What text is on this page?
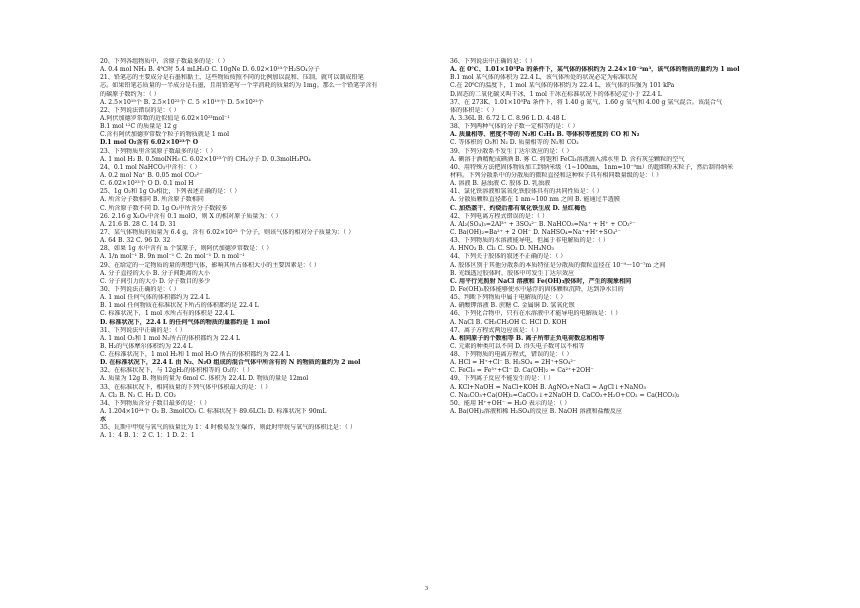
20、下列各组物质中，含原子数最多的是：（ ）
A. 0.4 mol NH₃ B. 4℃时 5.4 mLH₂O C. 10gNe D. 6.02×10²³个H₂SO₄分子
21、铅笔芯的主要成分是石墨和黏土，这些物质按照不同的比例加以混和、压制，就可以制成铅笔
芯。如果铅笔芯质量的一半成分是石墨，且用铅笔写一个字消耗的质量约为 1mg。那么一个铅笔字含有
的碳原子数约为：（ ）
A. 2.5×10¹⁹个 B. 2.5×10²²个 C. 5 ×10¹⁹个 D. 5×10²²个
22、下列说法错误的是：（ ）
A.阿伏加德罗常数的近似值是 6.02×10²³mol⁻¹
B.1 mol ¹²C 的质量是 12 g
C.含有阿伏加德罗常数个粒子的物质就是 1 mol
D.1 mol O₂含有 6.02×10²³个 O
23、下列物质里含氢原子数最多的是：（ ）
A. 1 mol H₂ B. 0.5molNH₃ C. 6.02×10²³个的 CH₄分子 D. 0.3molH₃PO₄
24、0.1 mol NaHCO₃中含有：（ ）
A. 0.2 mol Na⁺ B. 0.05 mol CO₃²⁻
C. 6.02×10²³个 O D. 0.1 mol H
25、1g O₂和 1g O₃相比，下列表述正确的是：（ ）
A. 所含分子数相同 B. 所含原子数相同
C. 所含原子数不同 D. 1g O₃中所含分子数较多
26. 2.16 g X₂O₅中含有 0.1 molO，则 X 的相对原子质量为：（ ）
A. 21.6 B. 28 C. 14 D. 31
27、某气体物质的质量为 6.4 g，含有 6.02×10²² 个分子，则该气体的相对分子质量为：（ ）
A. 64 B. 32 C. 96 D. 32
28、如果 1g 水中含有 n 个氢原子，则阿伏加德罗常数是：（ ）
A. 1/n mol⁻¹ B. 9n mol⁻¹ C. 2n mol⁻¹ D. n mol⁻¹
29、在给定的一定物质的量的理想气体，影响其所占体积大小的主要因素是：（ ）
A. 分子直径的大小 B. 分子间距离的大小
C. 分子间引力的大小 D. 分子数目的多少
30、下列说法正确的是：（ ）
A. 1 mol 任何气体的体积都约为 22.4 L
B. 1 mol 任何物质在标准状况下所占的体积都约是 22.4 L
C. 标准状况下，1 mol 水所占有的体积是 22.4 L
D. 标准状况下，22.4 L 的任何气体的物质的量都约是 1 mol
31、下列说法中正确的是：（ ）
A. 1 mol O₂和 1 mol N₂所占的体积都约为 22.4 L
B. H₂的气体摩尔体积约为 22.4 L
C. 在标准状况下，1 mol H₂和 1 mol H₂O 所占的体积都约为 22.4 L
D. 在标准状况下，22.4 L 由 N₂、N₂O 组成的混合气体中所含有的 N 的物质的量约为 2 mol
32、在标准状况下，与 12gH₂的体积相等的 O₂的：（ ）
A. 质量为 12g B. 物质的量为 6mol C. 体积为 22.4L D. 物质的量是 12mol
33、在标准状况下，相同质量的下列气体中体积最大的是：（ ）
A. Cl₂ B. N₂ C. H₂ D. CO₂
34、下列物质含分子数目最多的是：（ ）
A. 1.204×10²⁴个 O₂ B. 3molCO₂ C. 标准状况下 89.6LCl₂ D. 标准状况下 90mL
水
35、瓦斯中甲烷与氧气的质量比为 1：4 时极易发生爆炸，则此时甲烷与氧气的体积比是：（ ）
A. 1：4 B. 1：2 C. 1：1 D. 2：1
36、下列说法中正确的是：（ ）
A. 在 0℃、1.01×10⁵Pa 的条件下，某气体的体积约为 2.24×10⁻²m³，该气体的物质的量约为 1 mol
B.1 mol 某气体的体积为 22.4 L，该气体所处的状况必定为标准状况
C.在 20℃的温度下，1 mol 某气体的体积约为 22.4 L，该气体的压强为 101 kPa
D.固态的二氧化碳又叫干冰，1 mol 干冰在标准状况下的体积必定小于 22.4 L
37、在 273K、1.01×10⁵Pa 条件下，将 1.40 g 氮气、1.60 g 氧气和 4.00 g 氩气混合。该混合气
体的体积是：（ ）
A. 3.36L B. 6.72 L C. 8.96 L D. 4.48 L
38、下列两种气体的分子数一定相等的是：（ ）
A. 质量相等、密度不等的 N₂和 C₂H₄ B. 等体积等密度的 CO 和 N₂
C. 等体积的 O₂和 N₂ D. 质量相等的 N₂和 CO₂
39、下列分散系不发生丁达尔效应的是：（ ）
A. 碘溶于酒精配成碘酒 B. 雾 C. 将饱和 FeCl₃溶液滴入沸水里 D. 含有灰尘颗粒的空气
40、用特殊方法把固体物质加工到纳米级（1~100nm，1nm=10⁻⁹m）的超细粉末粒子，然后制得纳米
材料。下列分散系中的分散质的微粒直径和这种粒子具有相同数量级的是：（ ）
A. 溶液 B. 悬浊液 C. 胶体 D. 乳浊液
41、氯化铁溶液和氢氧化铁胶体具有的共同性质是：（ ）
A. 分散质颗粒直径都在 1 nm~100 nm 之间 B. 能通过半透膜
C. 加热蒸干、灼烧后都有氧化铁生成 D. 呈红褐色
42、下列电离方程式错误的是：（ ）
A. Al₂(SO₄)₃=2Al³⁺ + 3SO₄²⁻ B. NaHCO₃=Na⁺ + H⁺ + CO₃²⁻
C. Ba(OH)₂=Ba²⁺ + 2 OH⁻ D. NaHSO₄=Na⁺+H⁺+SO₄²⁻
43、下列物质的水溶液能导电，但属于非电解质的是：（ ）
A. HNO₃ B. Cl₂ C. SO₂ D. NH₄NO₃
44、下列关于胶体的叙述不正确的是：（ ）
A. 胶体区别于其他分散系的本质特征是分散质的微粒直径在 10⁻⁹～10⁻⁷m 之间
B. 光线透过胶体时，胶体中可发生丁达尔效应
C. 用平行光照射 NaCl 溶液和 Fe(OH)₃胶体时，产生的现象相同
D. Fe(OH)₃胶体能够使水中悬浮的固体颗粒沉降，达到净水目的
45、判断下列物质中属于电解质的是：（ ）
A. 硝酸钾溶液 B. 蔗糖 C. 金属铜 D. 氢氧化钡
46、下列化合物中，只有在水溶液中才能导电的电解质是：（ ）
A. NaCl B. CH₃CH₂OH C. HCl D. KOH
47、离子方程式两边应该是：（ ）
A. 相同原子的个数相等 B. 离子所带正负电荷数总和相等
C. 元素的种类可以不同 D. 得失电子数可以不相等
48、下列物质的电离方程式，错误的是：（ ）
A. HCl = H⁺+Cl⁻ B. H₂SO₄ = 2H⁺+SO₄²⁻
C. FeCl₃ = Fe³⁺+Cl⁻ D. Ca(OH)₂ = Ca²⁺+2OH⁻
49、下列离子反应不能发生的是：（ ）
A. KCl+NaOH = NaCl+KOH B. AgNO₃+NaCl = AgCl↓+NaNO₃
C. Na₂CO₃+Ca(OH)₂=CaCO₃↓+2NaOH D. CaCO₃+H₂O+CO₂ = Ca(HCO₃)₂
50、能用 H⁺+OH⁻ = H₂O 表示的是：（ ）
A. Ba(OH)₂溶液和稀 H₂SO₄的反应 B. NaOH 溶液和盐酸反应
3
